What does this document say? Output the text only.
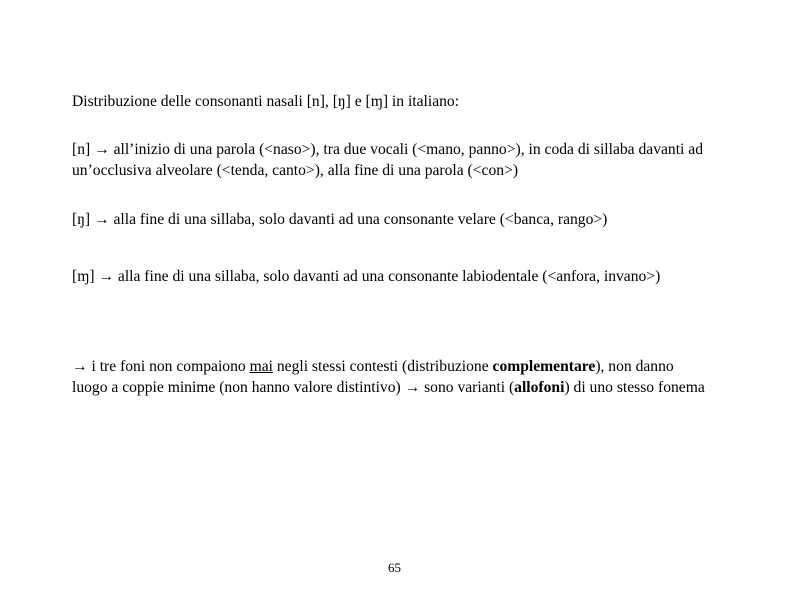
Distribuzione delle consonanti nasali [n], [ŋ] e [ɱ] in italiano:

[n] → all’inizio di una parola (<naso>), tra due vocali (<mano, panno>), in coda di sillaba davanti ad un’occlusiva alveolare (<tenda, canto>), alla fine di una parola (<con>)

[ŋ] → alla fine di una sillaba, solo davanti ad una consonante velare (<banca, rango>)

[ɱ] → alla fine di una sillaba, solo davanti ad una consonante labiodentale (<anfora, invano>)

→ i tre foni non compaiono mai negli stessi contesti (distribuzione complementare), non danno luogo a coppie minime (non hanno valore distintivo) → sono varianti (allofoni) di uno stesso fonema

65
